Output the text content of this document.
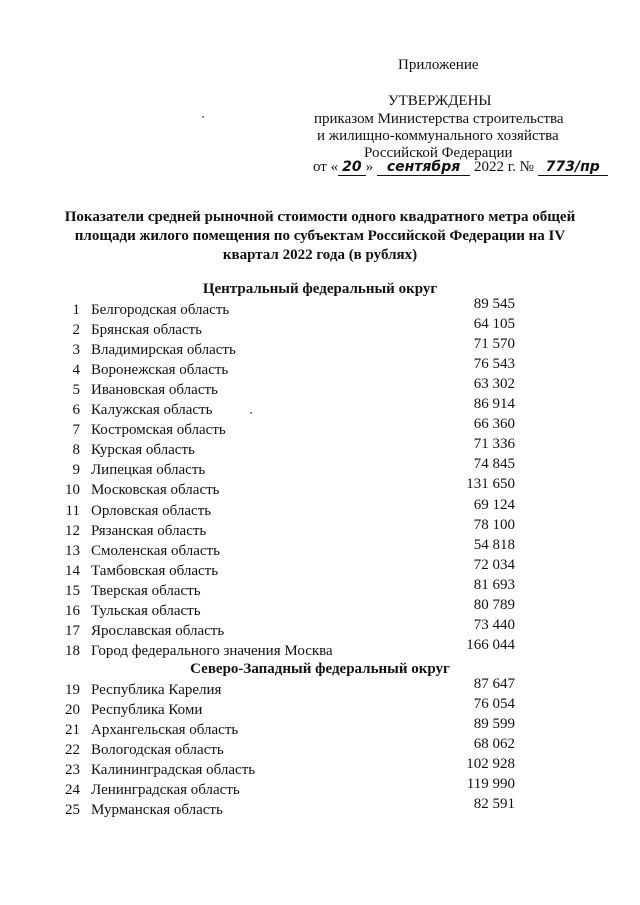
Приложение
УТВЕРЖДЕНЫ
приказом Министерства строительства
и жилищно-коммунального хозяйства
Российской Федерации
от « 20 » сентября 2022 г. № 773/пр
Показатели средней рыночной стоимости одного квадратного метра общей площади жилого помещения по субъектам Российской Федерации на IV квартал 2022 года (в рублях)
Центральный федеральный округ
1 Белгородская область	89 545
2 Брянская область	64 105
3 Владимирская область	71 570
4 Воронежская область	76 543
5 Ивановская область	63 302
6 Калужская область	86 914
7 Костромская область	66 360
8 Курская область	71 336
9 Липецкая область	74 845
10 Московская область	131 650
11 Орловская область	69 124
12 Рязанская область	78 100
13 Смоленская область	54 818
14 Тамбовская область	72 034
15 Тверская область	81 693
16 Тульская область	80 789
17 Ярославская область	73 440
18 Город федерального значения Москва	166 044
Северо-Западный федеральный округ
19 Республика Карелия	87 647
20 Республика Коми	76 054
21 Архангельская область	89 599
22 Вологодская область	68 062
23 Калининградская область	102 928
24 Ленинградская область	119 990
25 Мурманская область	82 591
